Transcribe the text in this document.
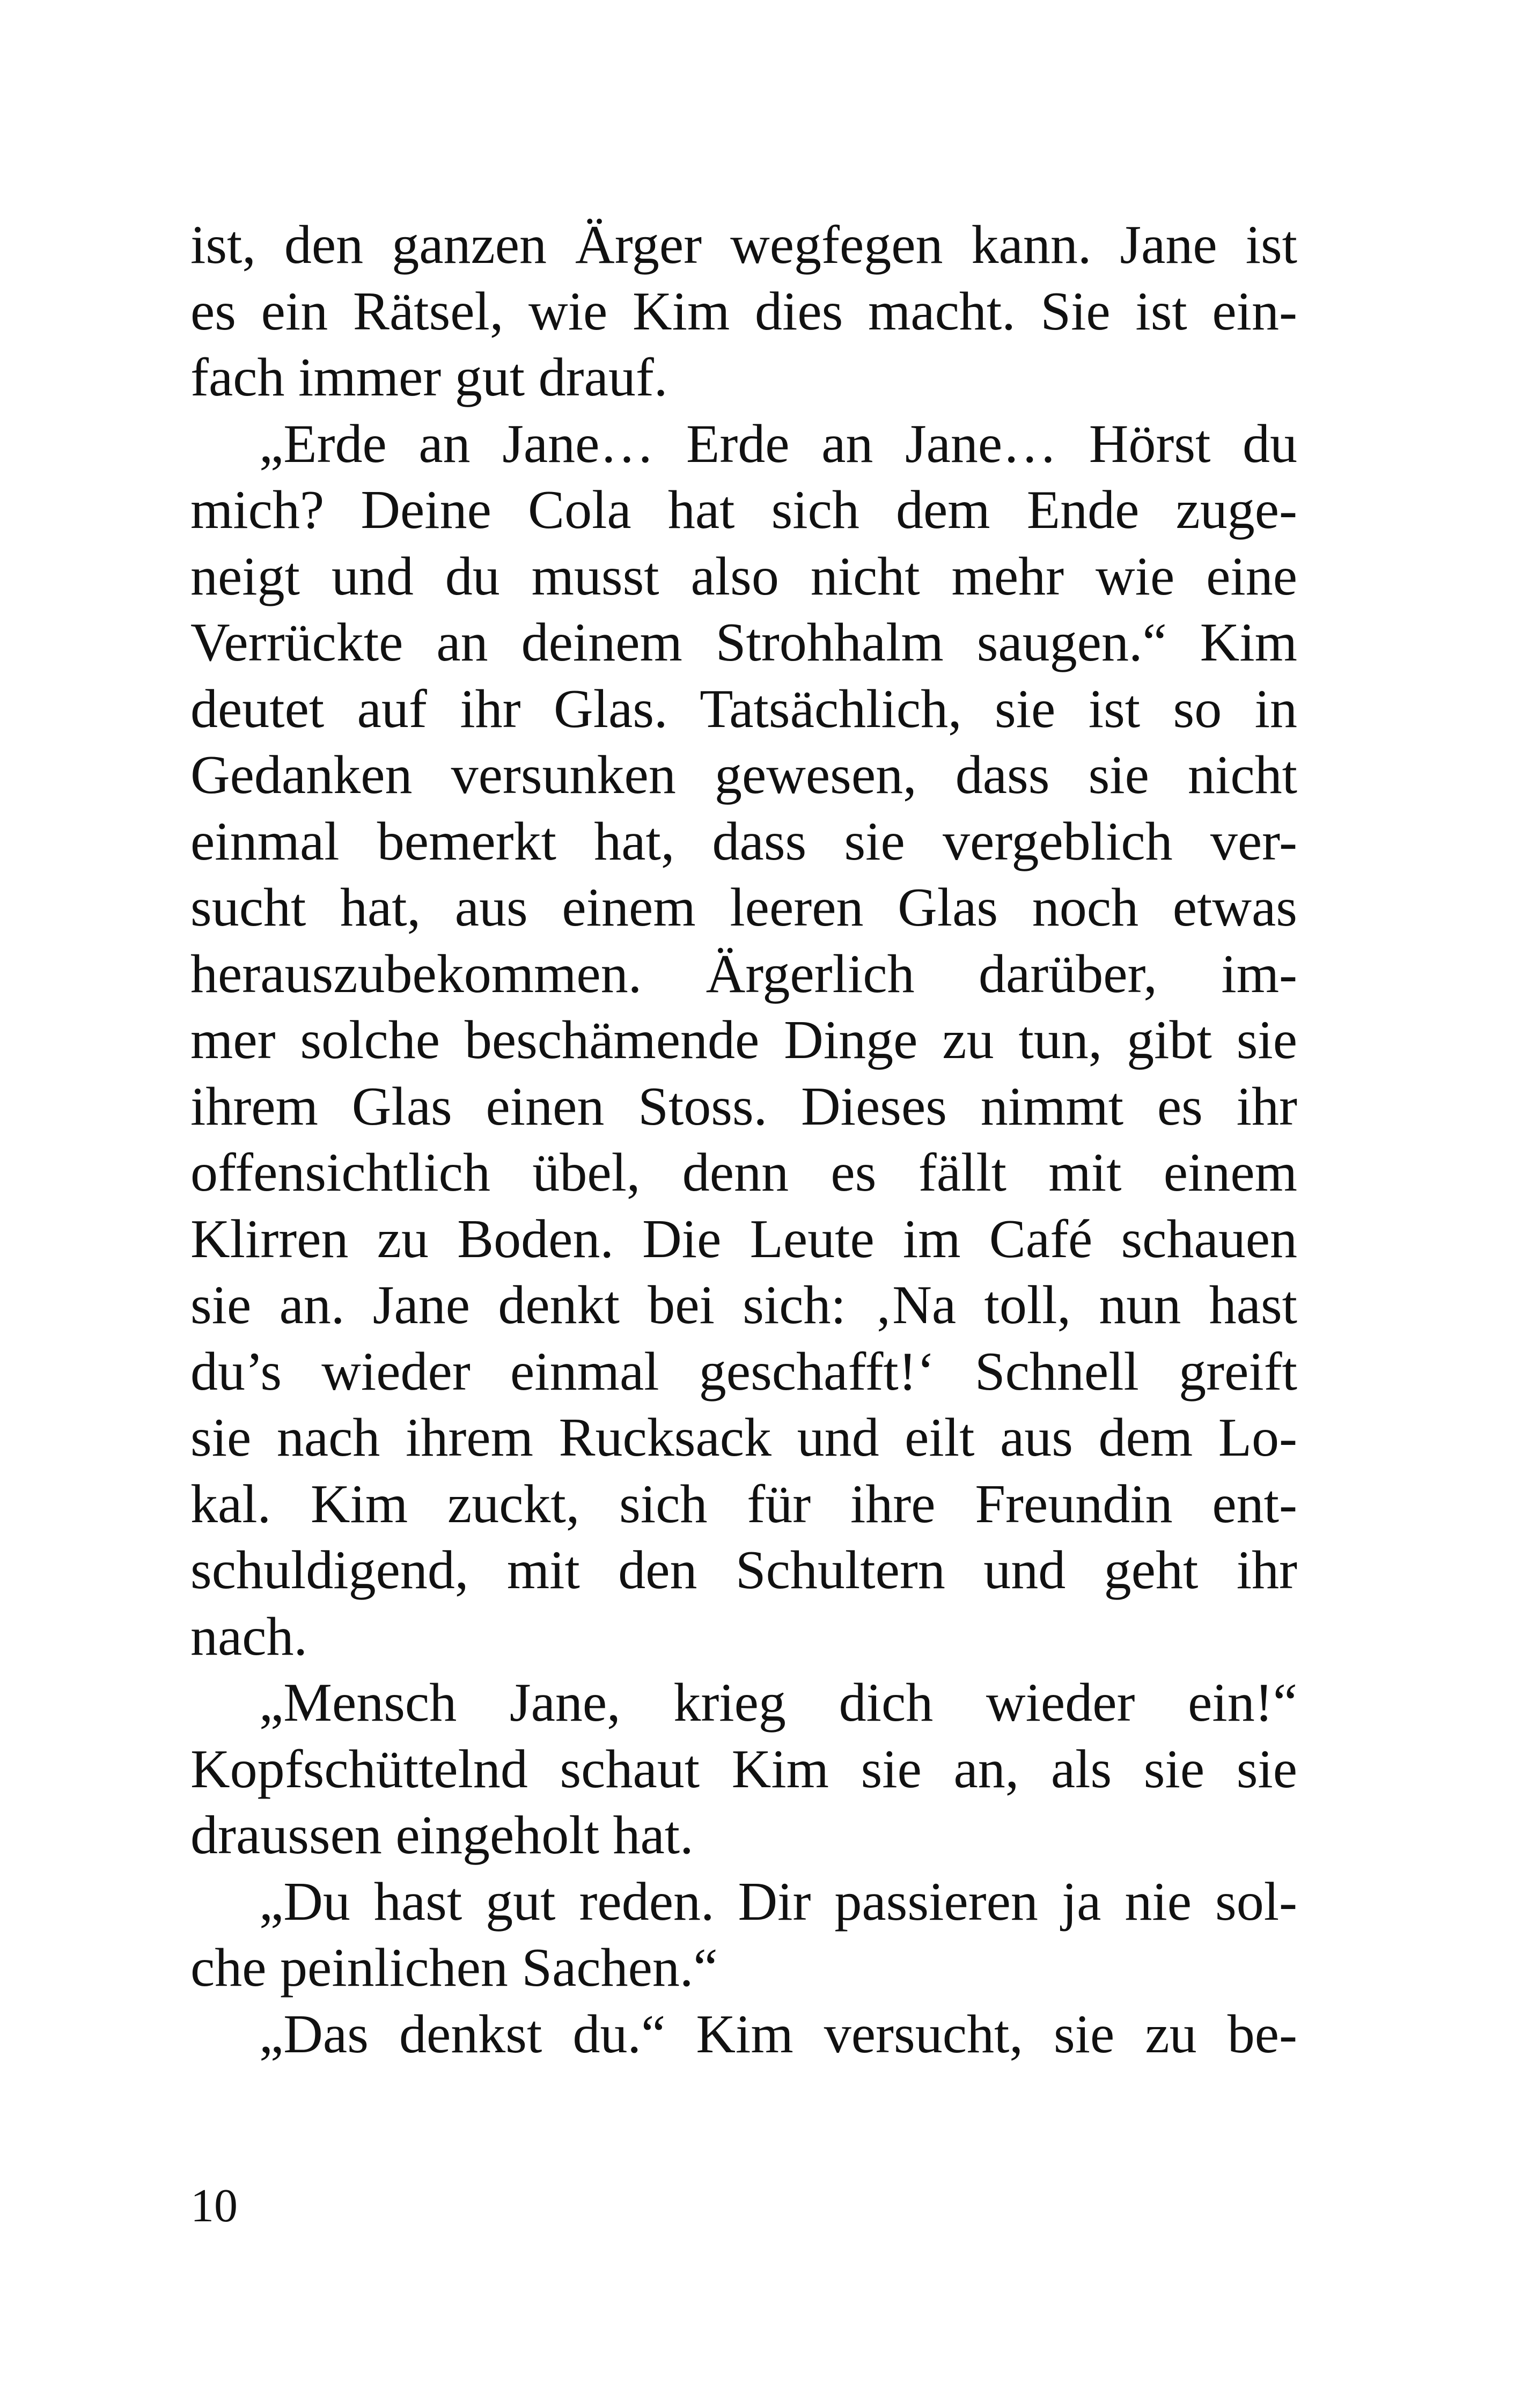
ist, den ganzen Ärger wegfegen kann. Jane ist
es ein Rätsel, wie Kim dies macht. Sie ist ein-
fach immer gut drauf.
„Erde an Jane… Erde an Jane… Hörst du
mich? Deine Cola hat sich dem Ende zuge-
neigt und du musst also nicht mehr wie eine
Verrückte an deinem Strohhalm saugen.“ Kim
deutet auf ihr Glas. Tatsächlich, sie ist so in
Gedanken versunken gewesen, dass sie nicht
einmal bemerkt hat, dass sie vergeblich ver-
sucht hat, aus einem leeren Glas noch etwas
herauszubekommen. Ärgerlich darüber, im-
mer solche beschämende Dinge zu tun, gibt sie
ihrem Glas einen Stoss. Dieses nimmt es ihr
offensichtlich übel, denn es fällt mit einem
Klirren zu Boden. Die Leute im Café schauen
sie an. Jane denkt bei sich: ‚Na toll, nun hast
du’s wieder einmal geschafft!‘ Schnell greift
sie nach ihrem Rucksack und eilt aus dem Lo-
kal. Kim zuckt, sich für ihre Freundin ent-
schuldigend, mit den Schultern und geht ihr
nach.
„Mensch Jane, krieg dich wieder ein!“
Kopfschüttelnd schaut Kim sie an, als sie sie
draussen eingeholt hat.
„Du hast gut reden. Dir passieren ja nie sol-
che peinlichen Sachen.“
„Das denkst du.“ Kim versucht, sie zu be-
10
